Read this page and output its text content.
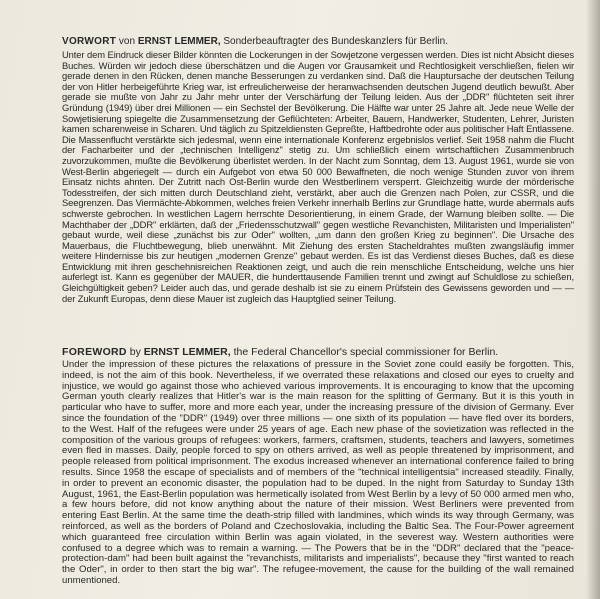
VORWORT von ERNST LEMMER, Sonderbeauftragter des Bundeskanzlers für Berlin.

Unter dem Eindruck dieser Bilder könnten die Lockerungen in der Sowjetzone vergessen werden. Dies ist nicht Absicht dieses Buches. Würden wir jedoch diese überschätzen und die Augen vor Grausamkeit und Rechtlosigkeit verschließen, fielen wir gerade denen in den Rücken, denen manche Besserungen zu verdanken sind. Daß die Hauptursache der deutschen Teilung der von Hitler herbeigeführte Krieg war, ist erfreulicherweise der heranwachsenden deutschen Jugend deutlich bewußt. Aber gerade sie mußte von Jahr zu Jahr mehr unter der Verschärfung der Teilung leiden. Aus der „DDR" flüchteten seit ihrer Gründung (1949) über drei Millionen — ein Sechstel der Bevölkerung. Die Hälfte war unter 25 Jahre alt. Jede neue Welle der Sowjetisierung spiegelte die Zusammensetzung der Geflüchteten: Arbeiter, Bauern, Handwerker, Studenten, Lehrer, Juristen kamen scharenweise in Scharen. Und täglich zu Spitzeldiensten Gepreßte, Haftbedrohte oder aus politischer Haft Entlassene. Die Massenflucht verstärkte sich jedesmal, wenn eine internationale Konferenz ergebnislos verlief. Seit 1958 nahm die Flucht der Facharbeiter und der „technischen Intelligenz" stetig zu. Um schließlich einem wirtschaftlichen Zusammenbruch zuvorzukommen, mußte die Bevölkerung überlistet werden. In der Nacht zum Sonntag, dem 13. August 1961, wurde sie von West-Berlin abgeriegelt — durch ein Aufgebot von etwa 50 000 Bewaffneten, die noch wenige Stunden zuvor von ihrem Einsatz nichts ahnten. Der Zutritt nach Ost-Berlin wurde den Westberlinern versperrt. Gleichzeitig wurde der mörderische Todesstreifen, der sich mitten durch Deutschland zieht, verstärkt, aber auch die Grenzen nach Polen, zur CSSR, und die Seegrenzen. Das Viermächte-Abkommen, welches freien Verkehr innerhalb Berlins zur Grundlage hatte, wurde abermals aufs schwerste gebrochen. In westlichen Lagern herrschte Desorientierung, in einem Grade, der Warnung bleiben sollte. — Die Machthaber der „DDR" erklärten, daß der „Friedensschutzwall" gegen westliche Revanchisten, Militaristen und Imperialisten" gebaut wurde, weil diese „zunächst bis zur Oder" wollten, „um dann den großen Krieg zu beginnen". Die Ursache des Mauerbaus, die Fluchtbewegung, blieb unerwähnt. Mit Ziehung des ersten Stacheldrahtes mußten zwangsläufig immer weitere Hindernisse bis zur heutigen „modernen Grenze" gebaut werden. Es ist das Verdienst dieses Buches, daß es diese Entwicklung mit ihren geschehnisreichen Reaktionen zeigt, und auch die rein menschliche Entscheidung, welche uns hier auferlegt ist. Kann es gegenüber der MAUER, die hunderttausende Familien trennt und zwingt auf Schuldlose zu schießen, Gleichgültigkeit geben? Leider auch das, und gerade deshalb ist sie zu einem Prüfstein des Gewissens geworden und — — der Zukunft Europas, denn diese Mauer ist zugleich das Hauptglied seiner Teilung.

FOREWORD by ERNST LEMMER, the Federal Chancellor's special commissioner for Berlin.

Under the impression of these pictures the relaxations of pressure in the Soviet zone could easily be forgotten. This, indeed, is not the aim of this book. Nevertheless, if we overrated these relaxations and closed our eyes to cruelty and injustice, we would go against those who achieved various improvements. It is encouraging to know that the upcoming German youth clearly realizes that Hitler's war is the main reason for the splitting of Germany. But it is this youth in particular who have to suffer, more and more each year, under the increasing pressure of the division of Germany. Ever since the foundation of the "DDR" (1949) over three millions — one sixth of its population — have fled over its borders, to the West. Half of the refugees were under 25 years of age. Each new phase of the sovietization was reflected in the composition of the various groups of refugees: workers, farmers, craftsmen, students, teachers and lawyers, sometimes even fled in masses. Daily, people forced to spy on others arrived, as well as people threatened by imprisonment, and people released from political imprisonment. The exodus increased whenever an international conference failed to bring results. Since 1958 the escape of specialists and of members of the "technical intelligentsia" increased steadily. Finally, in order to prevent an economic disaster, the population had to be duped. In the night from Saturday to Sunday 13th August, 1961, the East-Berlin population was hermetically isolated from West Berlin by a levy of 50 000 armed men who, a few hours before, did not know anything about the nature of their mission. West Berliners were prevented from entering East Berlin. At the same time the death-strip filled with landmines, which winds its way through Germany, was reinforced, as well as the borders of Poland and Czechoslovakia, including the Baltic Sea. The Four-Power agreement which guaranteed free circulation within Berlin was again violated, in the severest way. Western authorities were confused to a degree which was to remain a warning. — The Powers that be in the "DDR" declared that the "peace-protection-dam" had been built against the "revanchists, militarists and imperialists", because they "first wanted to reach the Oder", in order to then start the big war". The refugee-movement, the cause for the building of the wall remained unmentioned.
